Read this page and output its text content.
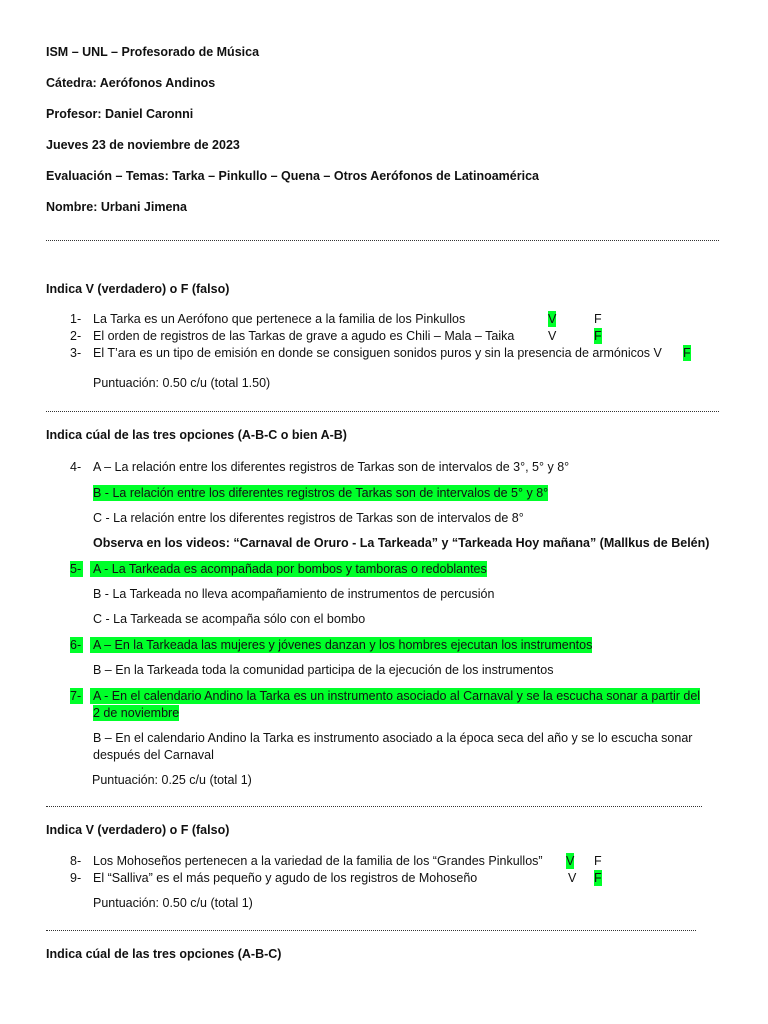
ISM – UNL – Profesorado de Música
Cátedra: Aerófonos Andinos
Profesor: Daniel Caronni
Jueves 23 de noviembre de 2023
Evaluación – Temas: Tarka – Pinkullo – Quena – Otros Aerófonos de Latinoamérica
Nombre: Urbani Jimena
Indica V (verdadero) o F (falso)
1- La Tarka es un Aerófono que pertenece a la familia de los Pinkullos	V	F
2- El orden de registros de las Tarkas de grave a agudo es Chili – Mala – Taika	V	F
3- El T’ara es un tipo de emisión en donde se consiguen sonidos puros y sin la presencia de armónicos V F
Puntuación: 0.50 c/u (total 1.50)
Indica cúal de las tres opciones (A-B-C o bien A-B)
4- A – La relación entre los diferentes registros de Tarkas son de intervalos de 3°, 5° y 8°
B - La relación entre los diferentes registros de Tarkas son de intervalos de 5° y 8°
C - La relación entre los diferentes registros de Tarkas son de intervalos de 8°
Observa en los videos: “Carnaval de Oruro - La Tarkeada” y “Tarkeada Hoy mañana” (Mallkus de Belén)
5- A - La Tarkeada es acompañada por bombos y tamboras o redoblantes
B - La Tarkeada no lleva acompañamiento de instrumentos de percusión
C - La Tarkeada se acompaña sólo con el bombo
6- A – En la Tarkeada las mujeres y jóvenes danzan y los hombres ejecutan los instrumentos
B – En la Tarkeada toda la comunidad participa de la ejecución de los instrumentos
7- A - En el calendario Andino la Tarka es un instrumento asociado al Carnaval y se la escucha sonar a partir del
2 de noviembre
B – En el calendario Andino la Tarka es instrumento asociado a la época seca del año y se lo escucha sonar
después del Carnaval
Puntuación: 0.25 c/u (total 1)
Indica V (verdadero) o F (falso)
8- Los Mohoseños pertenecen a la variedad de la familia de los “Grandes Pinkullos” V F
9- El “Salliva” es el más pequeño y agudo de los registros de Mohoseño	V F
Puntuación: 0.50 c/u (total 1)
Indica cúal de las tres opciones (A-B-C)
